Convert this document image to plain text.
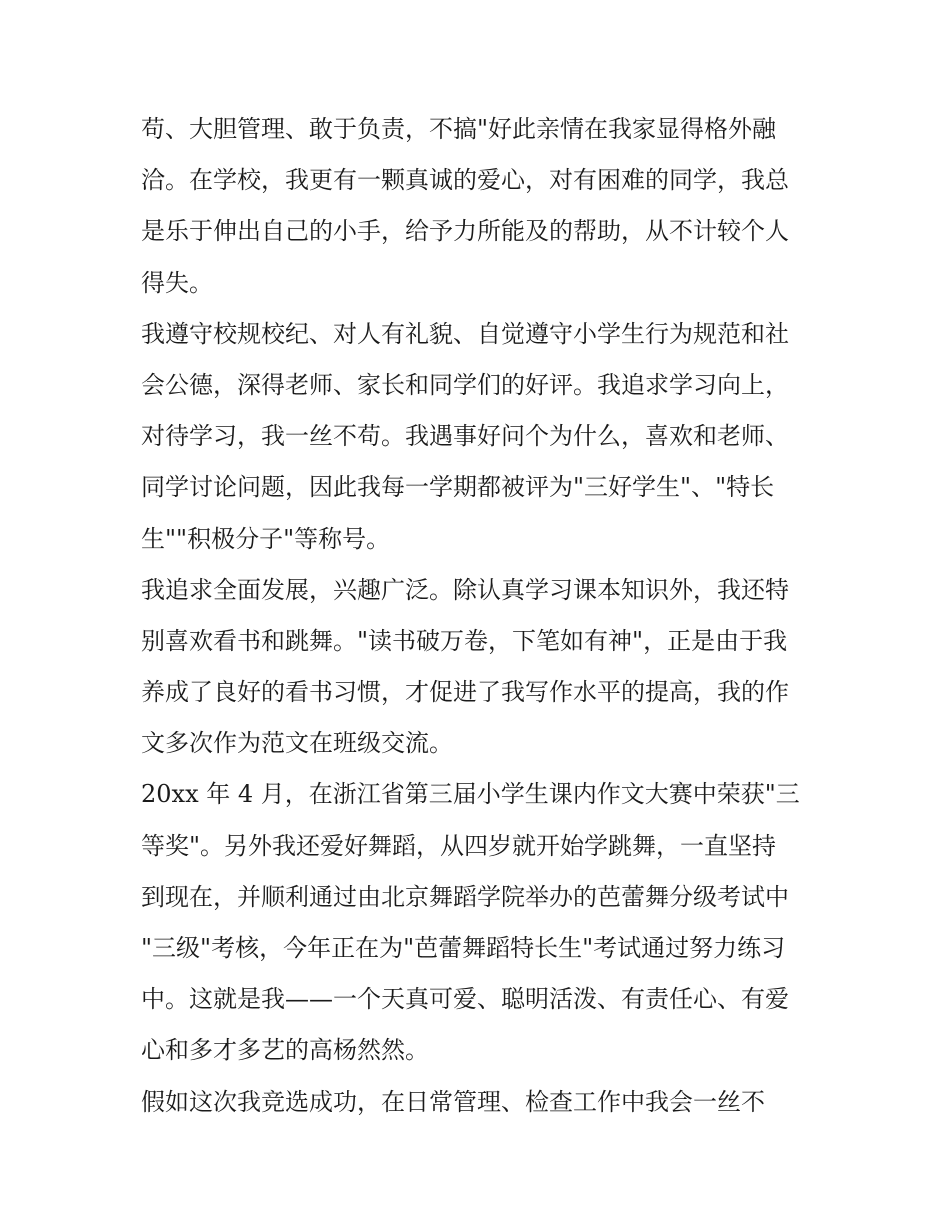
苟、大胆管理、敢于负责，不搞"好此亲情在我家显得格外融
洽。在学校，我更有一颗真诚的爱心，对有困难的同学，我总
是乐于伸出自己的小手，给予力所能及的帮助，从不计较个人
得失。
我遵守校规校纪、对人有礼貌、自觉遵守小学生行为规范和社
会公德，深得老师、家长和同学们的好评。我追求学习向上，
对待学习，我一丝不苟。我遇事好问个为什么，喜欢和老师、
同学讨论问题，因此我每一学期都被评为"三好学生"、"特长
生""积极分子"等称号。
我追求全面发展，兴趣广泛。除认真学习课本知识外，我还特
别喜欢看书和跳舞。"读书破万卷，下笔如有神"，正是由于我
养成了良好的看书习惯，才促进了我写作水平的提高，我的作
文多次作为范文在班级交流。
20xx 年 4 月，在浙江省第三届小学生课内作文大赛中荣获"三
等奖"。另外我还爱好舞蹈，从四岁就开始学跳舞，一直坚持
到现在，并顺利通过由北京舞蹈学院举办的芭蕾舞分级考试中
"三级"考核，今年正在为"芭蕾舞蹈特长生"考试通过努力练习
中。这就是我——一个天真可爱、聪明活泼、有责任心、有爱
心和多才多艺的高杨然然。
假如这次我竞选成功，在日常管理、检查工作中我会一丝不
